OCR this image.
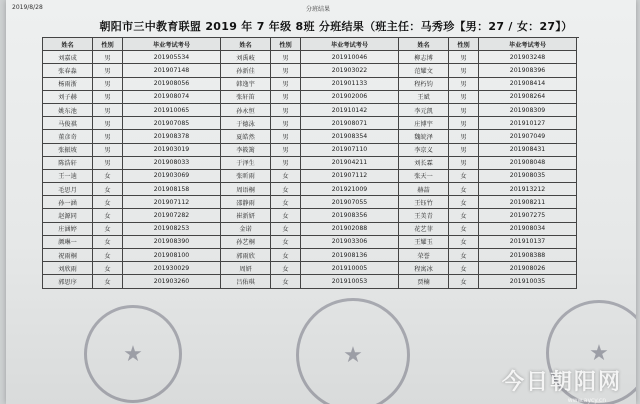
2019/8/28	分班结果
朝阳市三中教育联盟 2019 年 7 年级 8班 分班结果（班主任：马秀珍【男：27 / 女：27】）
姓名	性别	毕业考试考号	姓名	性别	毕业考试考号	姓名	性别	毕业考试考号
刘嘉成	男	201905534	刘禹岐	男	201910046	柳志博	男	201903248
张春淼	男	201907148	孙新佳	男	201903022	范耀文	男	201908396
杨雨浙	男	201908056	韩逸宇	男	201901133	程朽钧	男	201908414
刘子赫	男	201908074	张轩笛	男	201902006	王斌	男	201908264
姚东池	男	201910065	孙永恒	男	201910142	李元凯	男	201908309
马俊祺	男	201907085	于德泳	男	201908071	庄博宇	男	201910127
董彦奇	男	201908378	夏皓然	男	201908354	魏皖泽	男	201907049
张振坡	男	201903019	李筱篱	男	201907110	李京义	男	201908431
陈浩轩	男	201908033	于泽生	男	201904211	刘长霖	男	201908048
王一迪	女	201903069	张昕雨	女	201907112	张天一	女	201908035
毛思月	女	201908158	周语桐	女	201921009	赫喆	女	201913212
孙一涵	女	201907112	邵静雨	女	201907055	王钰竹	女	201908211
赵源同	女	201907282	崔新妍	女	201908356	王美青	女	201907275
庄涵婷	女	201908253	金诺	女	201902088	花艺菲	女	201908034
颜琳一	女	201908390	孙艺桐	女	201903306	王耀玉	女	201910137
祝雨桐	女	201908100	郭雨欣	女	201908136	荣誉	女	201908388
刘欣雨	女	201930029	周妍	女	201910005	程寓冰	女	201908026
郭思序	女	201903260	吕佑琪	女	201910053	贾楠	女	201910035
★	★	★
今日朝阳网
www.aycy.cn
